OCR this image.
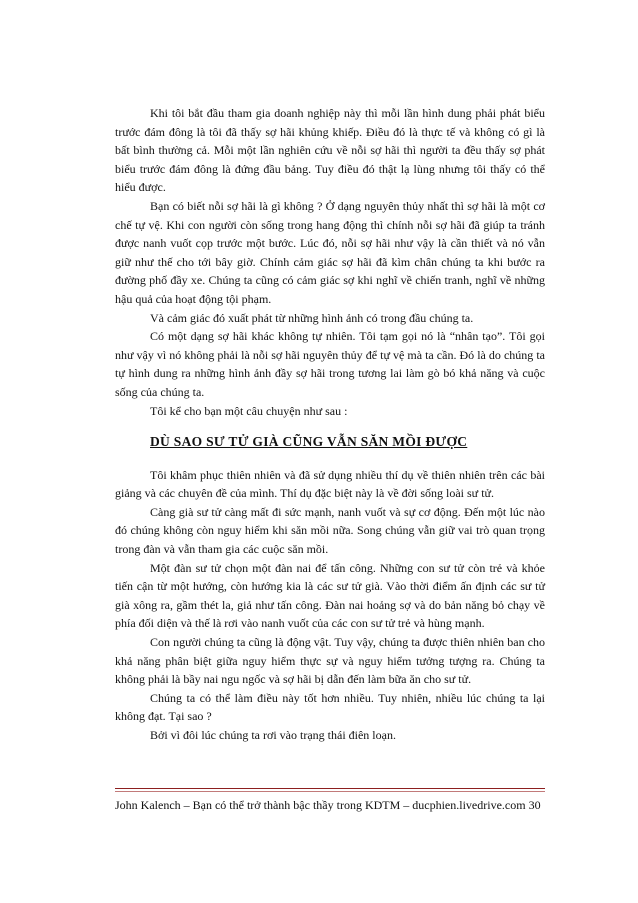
Khi tôi bắt đầu tham gia doanh nghiệp này thì mỗi lần hình dung phải phát biểu trước đám đông là tôi đã thấy sợ hãi khủng khiếp. Điều đó là thực tế và không có gì là bất bình thường cả. Mỗi một lần nghiên cứu về nỗi sợ hãi thì người ta đều thấy sợ phát biểu trước đám đông là đứng đầu bảng. Tuy điều đó thật lạ lùng nhưng tôi thấy có thể hiểu được.

Bạn có biết nỗi sợ hãi là gì không ? Ở dạng nguyên thủy nhất thì sợ hãi là một cơ chế tự vệ. Khi con người còn sống trong hang động thì chính nỗi sợ hãi đã giúp ta tránh được nanh vuốt cọp trước một bước. Lúc đó, nỗi sợ hãi như vậy là cần thiết và nó vẫn giữ như thế cho tới bây giờ. Chính cảm giác sợ hãi đã kìm chân chúng ta khi bước ra đường phố đầy xe. Chúng ta cũng có cảm giác sợ khi nghĩ về chiến tranh, nghĩ về những hậu quả của hoạt động tội phạm.

Và cảm giác đó xuất phát từ những hình ảnh có trong đầu chúng ta.

Có một dạng sợ hãi khác không tự nhiên. Tôi tạm gọi nó là “nhân tạo”. Tôi gọi như vậy vì nó không phải là nỗi sợ hãi nguyên thủy để tự vệ mà ta cần. Đó là do chúng ta tự hình dung ra những hình ảnh đầy sợ hãi trong tương lai làm gò bó khả năng và cuộc sống của chúng ta.

Tôi kể cho bạn một câu chuyện như sau :

DÙ SAO SƯ TỬ GIÀ CŨNG VẪN SĂN MỒI ĐƯỢC

Tôi khâm phục thiên nhiên và đã sử dụng nhiều thí dụ về thiên nhiên trên các bài giảng và các chuyên đề của mình. Thí dụ đặc biệt này là về đời sống loài sư tử.

Càng già sư tử càng mất đi sức mạnh, nanh vuốt và sự cơ động. Đến một lúc nào đó chúng không còn nguy hiểm khi săn mồi nữa. Song chúng vẫn giữ vai trò quan trọng trong đàn và vẫn tham gia các cuộc săn mồi.

Một đàn sư tử chọn một đàn nai để tấn công. Những con sư tử còn trẻ và khỏe tiến cận từ một hướng, còn hướng kia là các sư tử già. Vào thời điểm ấn định các sư tử già xông ra, gầm thét la, giả như tấn công. Đàn nai hoảng sợ và do bản năng bỏ chạy về phía đối diện và thế là rơi vào nanh vuốt của các con sư tử trẻ và hùng mạnh.

Con người chúng ta cũng là động vật. Tuy vậy, chúng ta được thiên nhiên ban cho khả năng phân biệt giữa nguy hiểm thực sự và nguy hiểm tưởng tượng ra. Chúng ta không phải là bầy nai ngu ngốc và sợ hãi bị dẫn đến làm bữa ăn cho sư tử.

Chúng ta có thể làm điều này tốt hơn nhiều. Tuy nhiên, nhiều lúc chúng ta lại không đạt. Tại sao ?

Bởi vì đôi lúc chúng ta rơi vào trạng thái điên loạn.

John Kalench – Bạn có thể trở thành bậc thầy trong KDTM – ducphien.livedrive.com 30
